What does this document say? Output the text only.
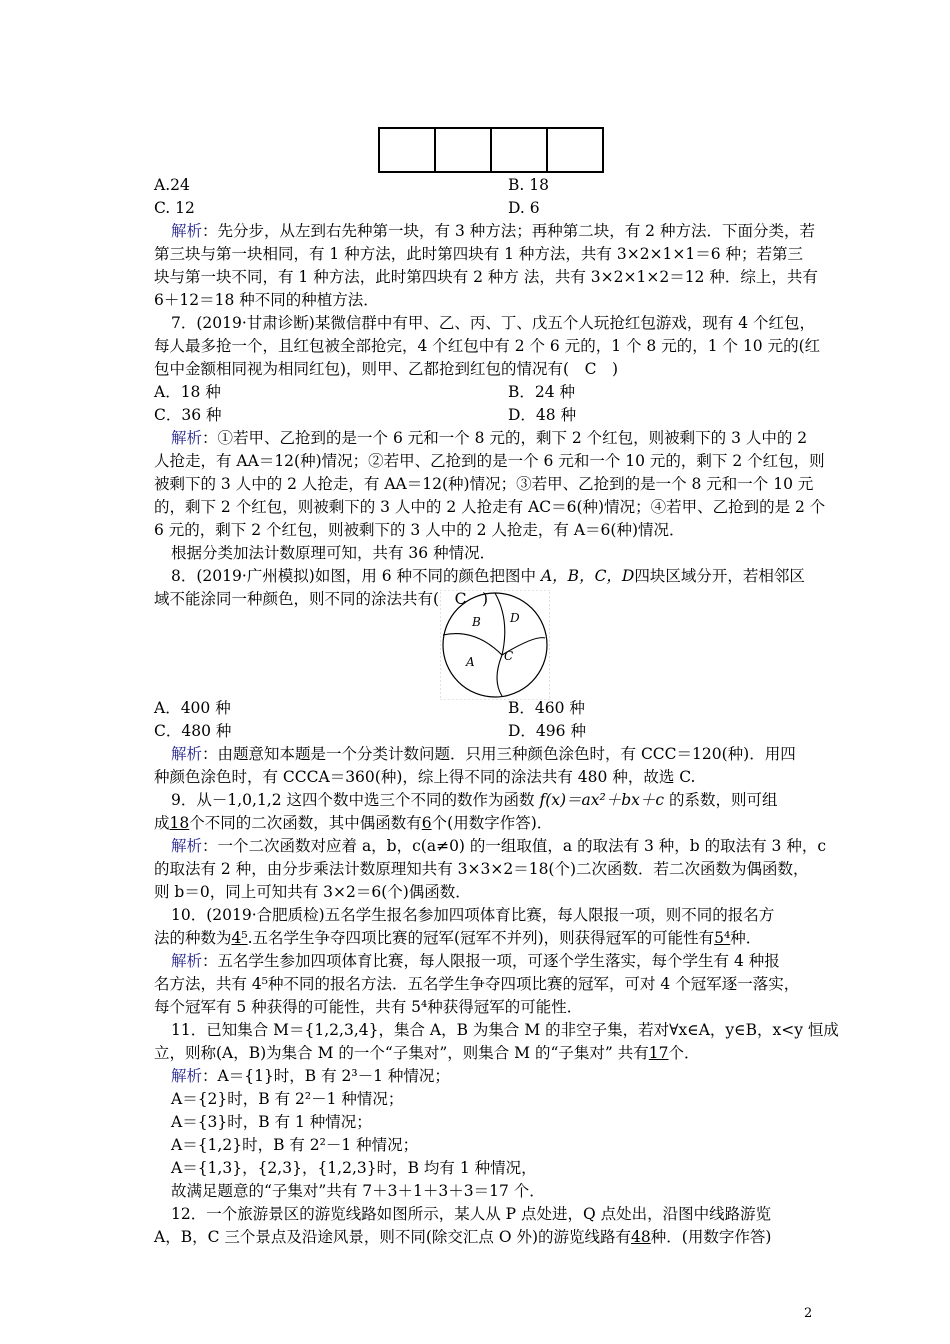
A.24	B. 18
C. 12	D. 6
解析：先分步，从左到右先种第一块，有 3 种方法；再种第二块，有 2 种方法．下面分类，若
第三块与第一块相同，有 1 种方法，此时第四块有 1 种方法，共有 3×2×1×1＝6 种；若第三
块与第一块不同，有 1 种方法，此时第四块有 2 种方 法，共有 3×2×1×2＝12 种．综上，共有
6＋12＝18 种不同的种植方法．
7．(2019·甘肃诊断)某微信群中有甲、乙、丙、丁、戊五个人玩抢红包游戏，现有 4 个红包，
每人最多抢一个，且红包被全部抢完，4 个红包中有 2 个 6 元的，1 个 8 元的，1 个 10 元的(红
包中金额相同视为相同红包)，则甲、乙都抢到红包的情况有(　C　)
A．18 种	B．24 种
C．36 种	D．48 种
解析：①若甲、乙抢到的是一个 6 元和一个 8 元的，剩下 2 个红包，则被剩下的 3 人中的 2
人抢走，有 AA＝12(种)情况；②若甲、乙抢到的是一个 6 元和一个 10 元的，剩下 2 个红包，则
被剩下的 3 人中的 2 人抢走，有 AA＝12(种)情况；③若甲、乙抢到的是一个 8 元和一个 10 元
的，剩下 2 个红包，则被剩下的 3 人中的 2 人抢走有 AC＝6(种)情况；④若甲、乙抢到的是 2 个
6 元的，剩下 2 个红包，则被剩下的 3 人中的 2 人抢走，有 A＝6(种)情况．
根据分类加法计数原理可知，共有 36 种情况．
8．(2019·广州模拟)如图，用 6 种不同的颜色把图中 A，B，C，D四块区域分开，若相邻区
域不能涂同一种颜色，则不同的涂法共有(　C　)
B D
A C
A．400 种	B．460 种
C．480 种	D．496 种
解析：由题意知本题是一个分类计数问题．只用三种颜色涂色时，有 CCC＝120(种)．用四
种颜色涂色时，有 CCCA＝360(种)，综上得不同的涂法共有 480 种，故选 C.
9．从－1,0,1,2 这四个数中选三个不同的数作为函数 f(x)＝ax²＋bx＋c 的系数，则可组
成18个不同的二次函数，其中偶函数有6个(用数字作答)．
解析：一个二次函数对应着 a，b，c(a≠0) 的一组取值，a 的取法有 3 种，b 的取法有 3 种，c
的取法有 2 种，由分步乘法计数原理知共有 3×3×2＝18(个)二次函数．若二次函数为偶函数，
则 b＝0，同上可知共有 3×2＝6(个)偶函数．
10．(2019·合肥质检)五名学生报名参加四项体育比赛，每人限报一项，则不同的报名方
法的种数为4⁵.五名学生争夺四项比赛的冠军(冠军不并列)，则获得冠军的可能性有5⁴种．
解析：五名学生参加四项体育比赛，每人限报一项，可逐个学生落实，每个学生有 4 种报
名方法，共有 4⁵种不同的报名方法．五名学生争夺四项比赛的冠军，可对 4 个冠军逐一落实，
每个冠军有 5 种获得的可能性，共有 5⁴种获得冠军的可能性．
11．已知集合 M＝{1,2,3,4}，集合 A，B 为集合 M 的非空子集，若对∀x∈A，y∈B，x<y 恒成
立，则称(A，B)为集合 M 的一个“子集对”，则集合 M 的“子集对” 共有17个．
解析：A＝{1}时，B 有 2³－1 种情况；
A＝{2}时，B 有 2²－1 种情况；
A＝{3}时，B 有 1 种情况；
A＝{1,2}时，B 有 2²－1 种情况；
A＝{1,3}，{2,3}，{1,2,3}时，B 均有 1 种情况，
故满足题意的“子集对”共有 7＋3＋1＋3＋3＝17 个．
12．一个旅游景区的游览线路如图所示，某人从 P 点处进，Q 点处出，沿图中线路游览
A，B，C 三个景点及沿途风景，则不同(除交汇点 O 外)的游览线路有48种．(用数字作答)
2
